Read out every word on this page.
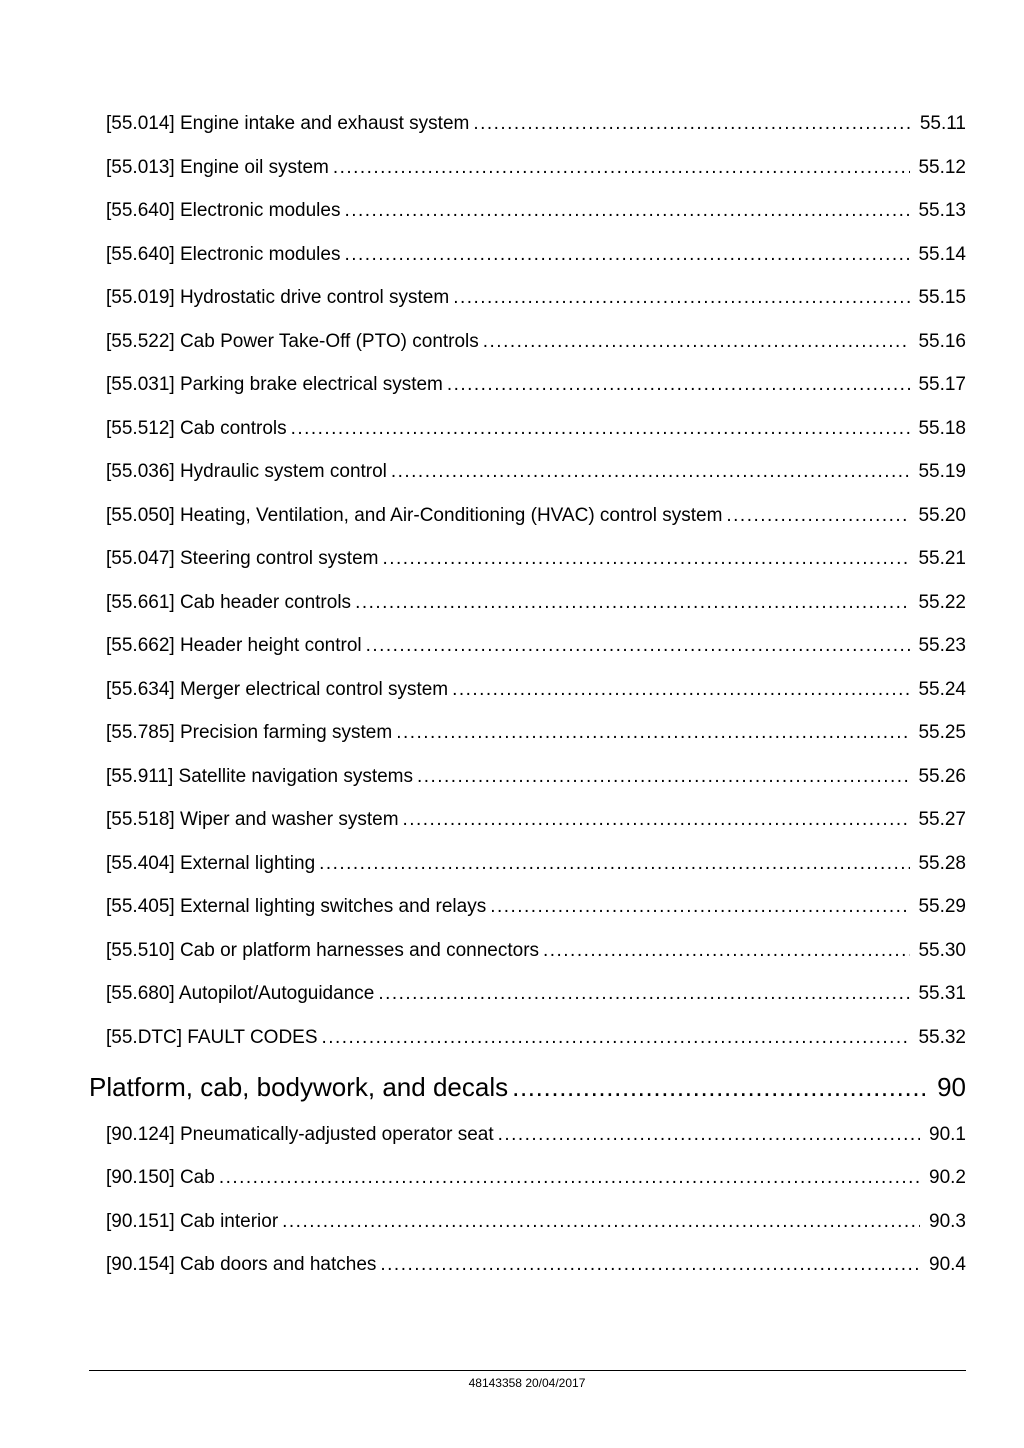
[55.014] Engine intake and exhaust system . . .	55.11
[55.013] Engine oil system . . .	55.12
[55.640] Electronic modules . . .	55.13
[55.640] Electronic modules . . .	55.14
[55.019] Hydrostatic drive control system . . .	55.15
[55.522] Cab Power Take-Off (PTO) controls . . .	55.16
[55.031] Parking brake electrical system . . .	55.17
[55.512] Cab controls . . .	55.18
[55.036] Hydraulic system control . . .	55.19
[55.050] Heating, Ventilation, and Air-Conditioning (HVAC) control system . . .	55.20
[55.047] Steering control system . . .	55.21
[55.661] Cab header controls . . .	55.22
[55.662] Header height control . . .	55.23
[55.634] Merger electrical control system . . .	55.24
[55.785] Precision farming system . . .	55.25
[55.911] Satellite navigation systems . . .	55.26
[55.518] Wiper and washer system . . .	55.27
[55.404] External lighting . . .	55.28
[55.405] External lighting switches and relays . . .	55.29
[55.510] Cab or platform harnesses and connectors . . .	55.30
[55.680] Autopilot/Autoguidance . . .	55.31
[55.DTC] FAULT CODES . . .	55.32
Platform, cab, bodywork, and decals . . .	90
[90.124] Pneumatically-adjusted operator seat . . .	90.1
[90.150] Cab . . .	90.2
[90.151] Cab interior . . .	90.3
[90.154] Cab doors and hatches . . .	90.4
48143358 20/04/2017
